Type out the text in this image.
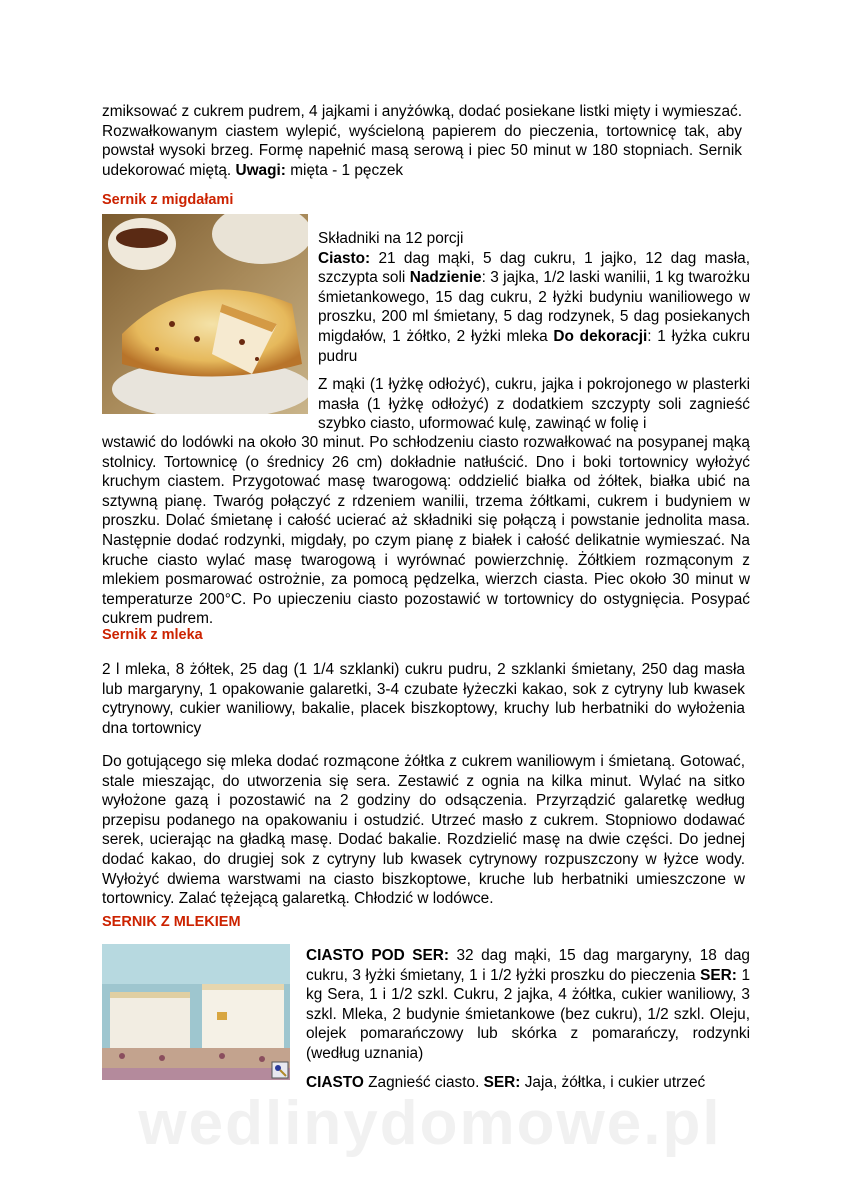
zmiksować z cukrem pudrem, 4 jajkami i anyżówką, dodać posiekane listki mięty i wymieszać. Rozwałkowanym ciastem wylepić, wyścieloną papierem do pieczenia, tortownicę tak, aby powstał wysoki brzeg. Formę napełnić masą serową i piec 50 minut w 180 stopniach. Sernik udekorować miętą. Uwagi: mięta - 1 pęczek

Sernik z migdałami
Składniki na 12 porcji
Ciasto: 21 dag mąki, 5 dag cukru, 1 jajko, 12 dag masła, szczypta soli Nadzienie: 3 jajka, 1/2 laski wanilii, 1 kg twarożku śmietankowego, 15 dag cukru, 2 łyżki budyniu waniliowego w proszku, 200 ml śmietany, 5 dag rodzynek, 5 dag posiekanych migdałów, 1 żółtko, 2 łyżki mleka Do dekoracji: 1 łyżka cukru pudru

Z mąki (1 łyżkę odłożyć), cukru, jajka i pokrojonego w plasterki masła (1 łyżkę odłożyć) z dodatkiem szczypty soli zagnieść szybko ciasto, uformować kulę, zawinąć w folię i

wstawić do lodówki na około 30 minut. Po schłodzeniu ciasto rozwałkować na posypanej mąką stolnicy. Tortownicę (o średnicy 26 cm) dokładnie natłuścić. Dno i boki tortownicy wyłożyć kruchym ciastem. Przygotować masę twarogową: oddzielić białka od żółtek, białka ubić na sztywną pianę. Twaróg połączyć z rdzeniem wanilii, trzema żółtkami, cukrem i budyniem w proszku. Dolać śmietanę i całość ucierać aż składniki się połączą i powstanie jednolita masa. Następnie dodać rodzynki, migdały, po czym pianę z białek i całość delikatnie wymieszać. Na kruche ciasto wylać masę twarogową i wyrównać powierzchnię. Żółtkiem rozmąconym z mlekiem posmarować ostrożnie, za pomocą pędzelka, wierzch ciasta. Piec około 30 minut w temperaturze 200°C. Po upieczeniu ciasto pozostawić w tortownicy do ostygnięcia. Posypać cukrem pudrem.

Sernik z mleka

2 l mleka, 8 żółtek, 25 dag (1 1/4 szklanki) cukru pudru, 2 szklanki śmietany, 250 dag masła lub margaryny, 1 opakowanie galaretki, 3-4 czubate łyżeczki kakao, sok z cytryny lub kwasek cytrynowy, cukier waniliowy, bakalie, placek biszkoptowy, kruchy lub herbatniki do wyłożenia dna tortownicy

Do gotującego się mleka dodać rozmącone żółtka z cukrem waniliowym i śmietaną. Gotować, stale mieszając, do utworzenia się sera. Zestawić z ognia na kilka minut. Wylać na sitko wyłożone gazą i pozostawić na 2 godziny do odsączenia. Przyrządzić galaretkę według przepisu podanego na opakowaniu i ostudzić. Utrzeć masło z cukrem. Stopniowo dodawać serek, ucierając na gładką masę. Dodać bakalie. Rozdzielić masę na dwie części. Do jednej dodać kakao, do drugiej sok z cytryny lub kwasek cytrynowy rozpuszczony w łyżce wody. Wyłożyć dwiema warstwami na ciasto biszkoptowe, kruche lub herbatniki umieszczone w tortownicy. Zalać tężejącą galaretką. Chłodzić w lodówce.

SERNIK Z MLEKIEM
CIASTO POD SER: 32 dag mąki, 15 dag margaryny, 18 dag cukru, 3 łyżki śmietany, 1 i 1/2 łyżki proszku do pieczenia SER: 1 kg Sera, 1 i 1/2 szkl. Cukru, 2 jajka, 4 żółtka, cukier waniliowy, 3 szkl. Mleka, 2 budynie śmietankowe (bez cukru), 1/2 szkl. Oleju, olejek pomarańczowy lub skórka z pomarańczy, rodzynki (według uznania)

CIASTO Zagnieść ciasto. SER: Jaja, żółtka, i cukier utrzeć

wedlinydomowe.pl
